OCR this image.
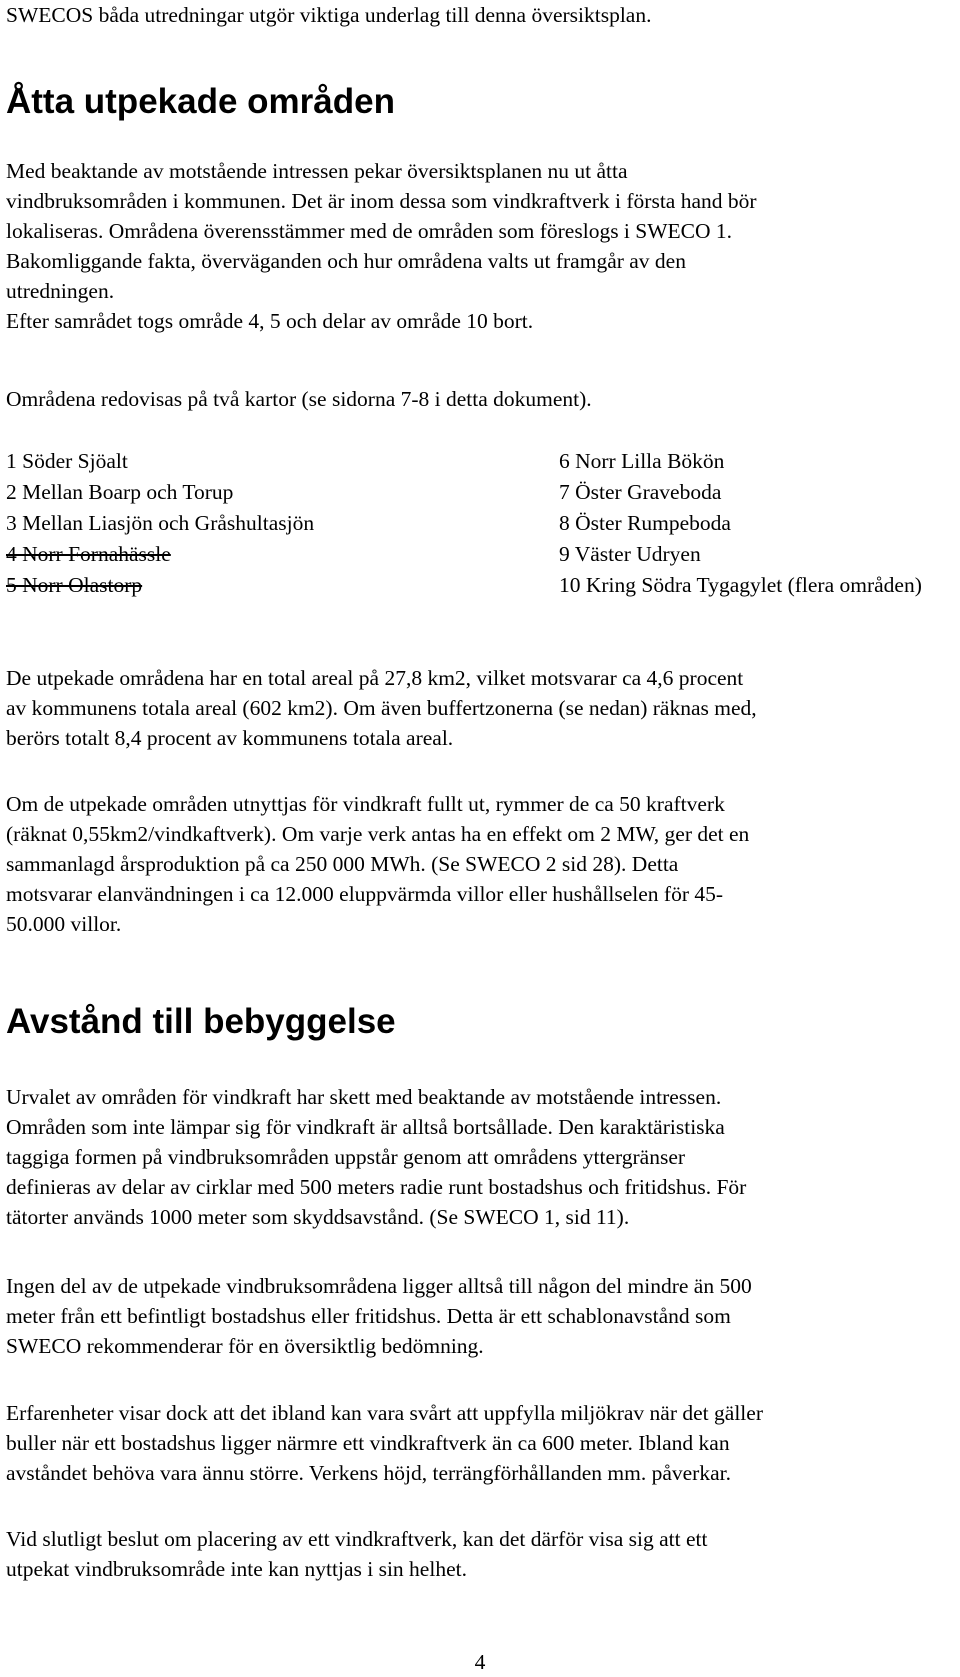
SWECOS båda utredningar utgör viktiga underlag till denna översiktsplan.

Åtta utpekade områden

Med beaktande av motstående intressen pekar översiktsplanen nu ut åtta
vindbruksområden i kommunen. Det är inom dessa som vindkraftverk i första hand bör
lokaliseras. Områdena överensstämmer med de områden som föreslogs i SWECO 1.
Bakomliggande fakta, överväganden och hur områdena valts ut framgår av den
utredningen.
Efter samrådet togs område 4, 5 och delar av område 10 bort.

Områdena redovisas på två kartor (se sidorna 7-8 i detta dokument).

1 Söder Sjöalt
2 Mellan Boarp och Torup
3 Mellan Liasjön och Gråshultasjön
4 Norr Fornahässle
5 Norr Olastorp
6 Norr Lilla Bökön
7 Öster Graveboda
8 Öster Rumpeboda
9 Väster Udryen
10 Kring Södra Tygagylet (flera områden)

De utpekade områdena har en total areal på 27,8 km2, vilket motsvarar ca 4,6 procent
av kommunens totala areal (602 km2). Om även buffertzonerna (se nedan) räknas med,
berörs totalt 8,4 procent av kommunens totala areal.

Om de utpekade områden utnyttjas för vindkraft fullt ut, rymmer de ca 50 kraftverk
(räknat 0,55km2/vindkaftverk). Om varje verk antas ha en effekt om 2 MW, ger det en
sammanlagd årsproduktion på ca 250 000 MWh. (Se SWECO 2 sid 28). Detta
motsvarar elanvändningen i ca 12.000 eluppvärmda villor eller hushållselen för 45-
50.000 villor.

Avstånd till bebyggelse

Urvalet av områden för vindkraft har skett med beaktande av motstående intressen.
Områden som inte lämpar sig för vindkraft är alltså bortsållade. Den karaktäristiska
taggiga formen på vindbruksområden uppstår genom att områdens yttergränser
definieras av delar av cirklar med 500 meters radie runt bostadshus och fritidshus. För
tätorter används 1000 meter som skyddsavstånd. (Se SWECO 1, sid 11).

Ingen del av de utpekade vindbruksområdena ligger alltså till någon del mindre än 500
meter från ett befintligt bostadshus eller fritidshus. Detta är ett schablonavstånd som
SWECO rekommenderar för en översiktlig bedömning.

Erfarenheter visar dock att det ibland kan vara svårt att uppfylla miljökrav när det gäller
buller när ett bostadshus ligger närmre ett vindkraftverk än ca 600 meter. Ibland kan
avståndet behöva vara ännu större. Verkens höjd, terrängförhållanden mm. påverkar.

Vid slutligt beslut om placering av ett vindkraftverk, kan det därför visa sig att ett
utpekat vindbruksområde inte kan nyttjas i sin helhet.

4
